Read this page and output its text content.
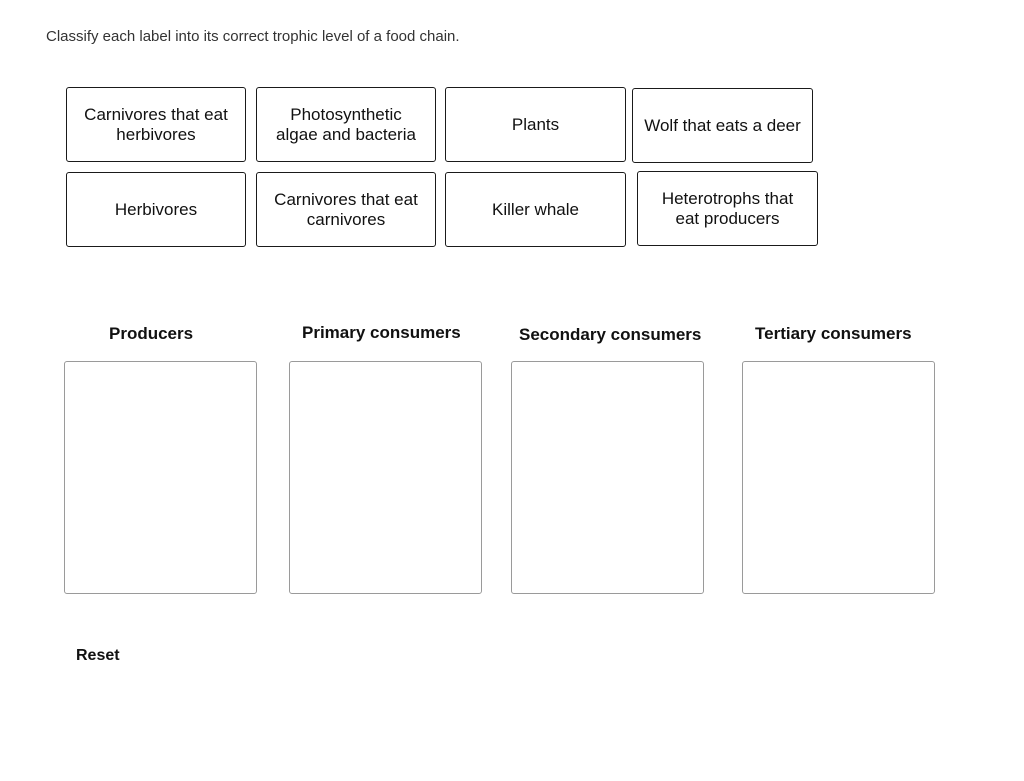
Classify each label into its correct trophic level of a food chain.
Carnivores that eat
herbivores
Photosynthetic
algae and bacteria
Plants	Wolf that eats a deer
Herbivores
Carnivores that eat
carnivores
Killer whale
Heterotrophs that
eat producers
Producers	Primary consumers	Secondary consumers	Tertiary consumers
Reset
